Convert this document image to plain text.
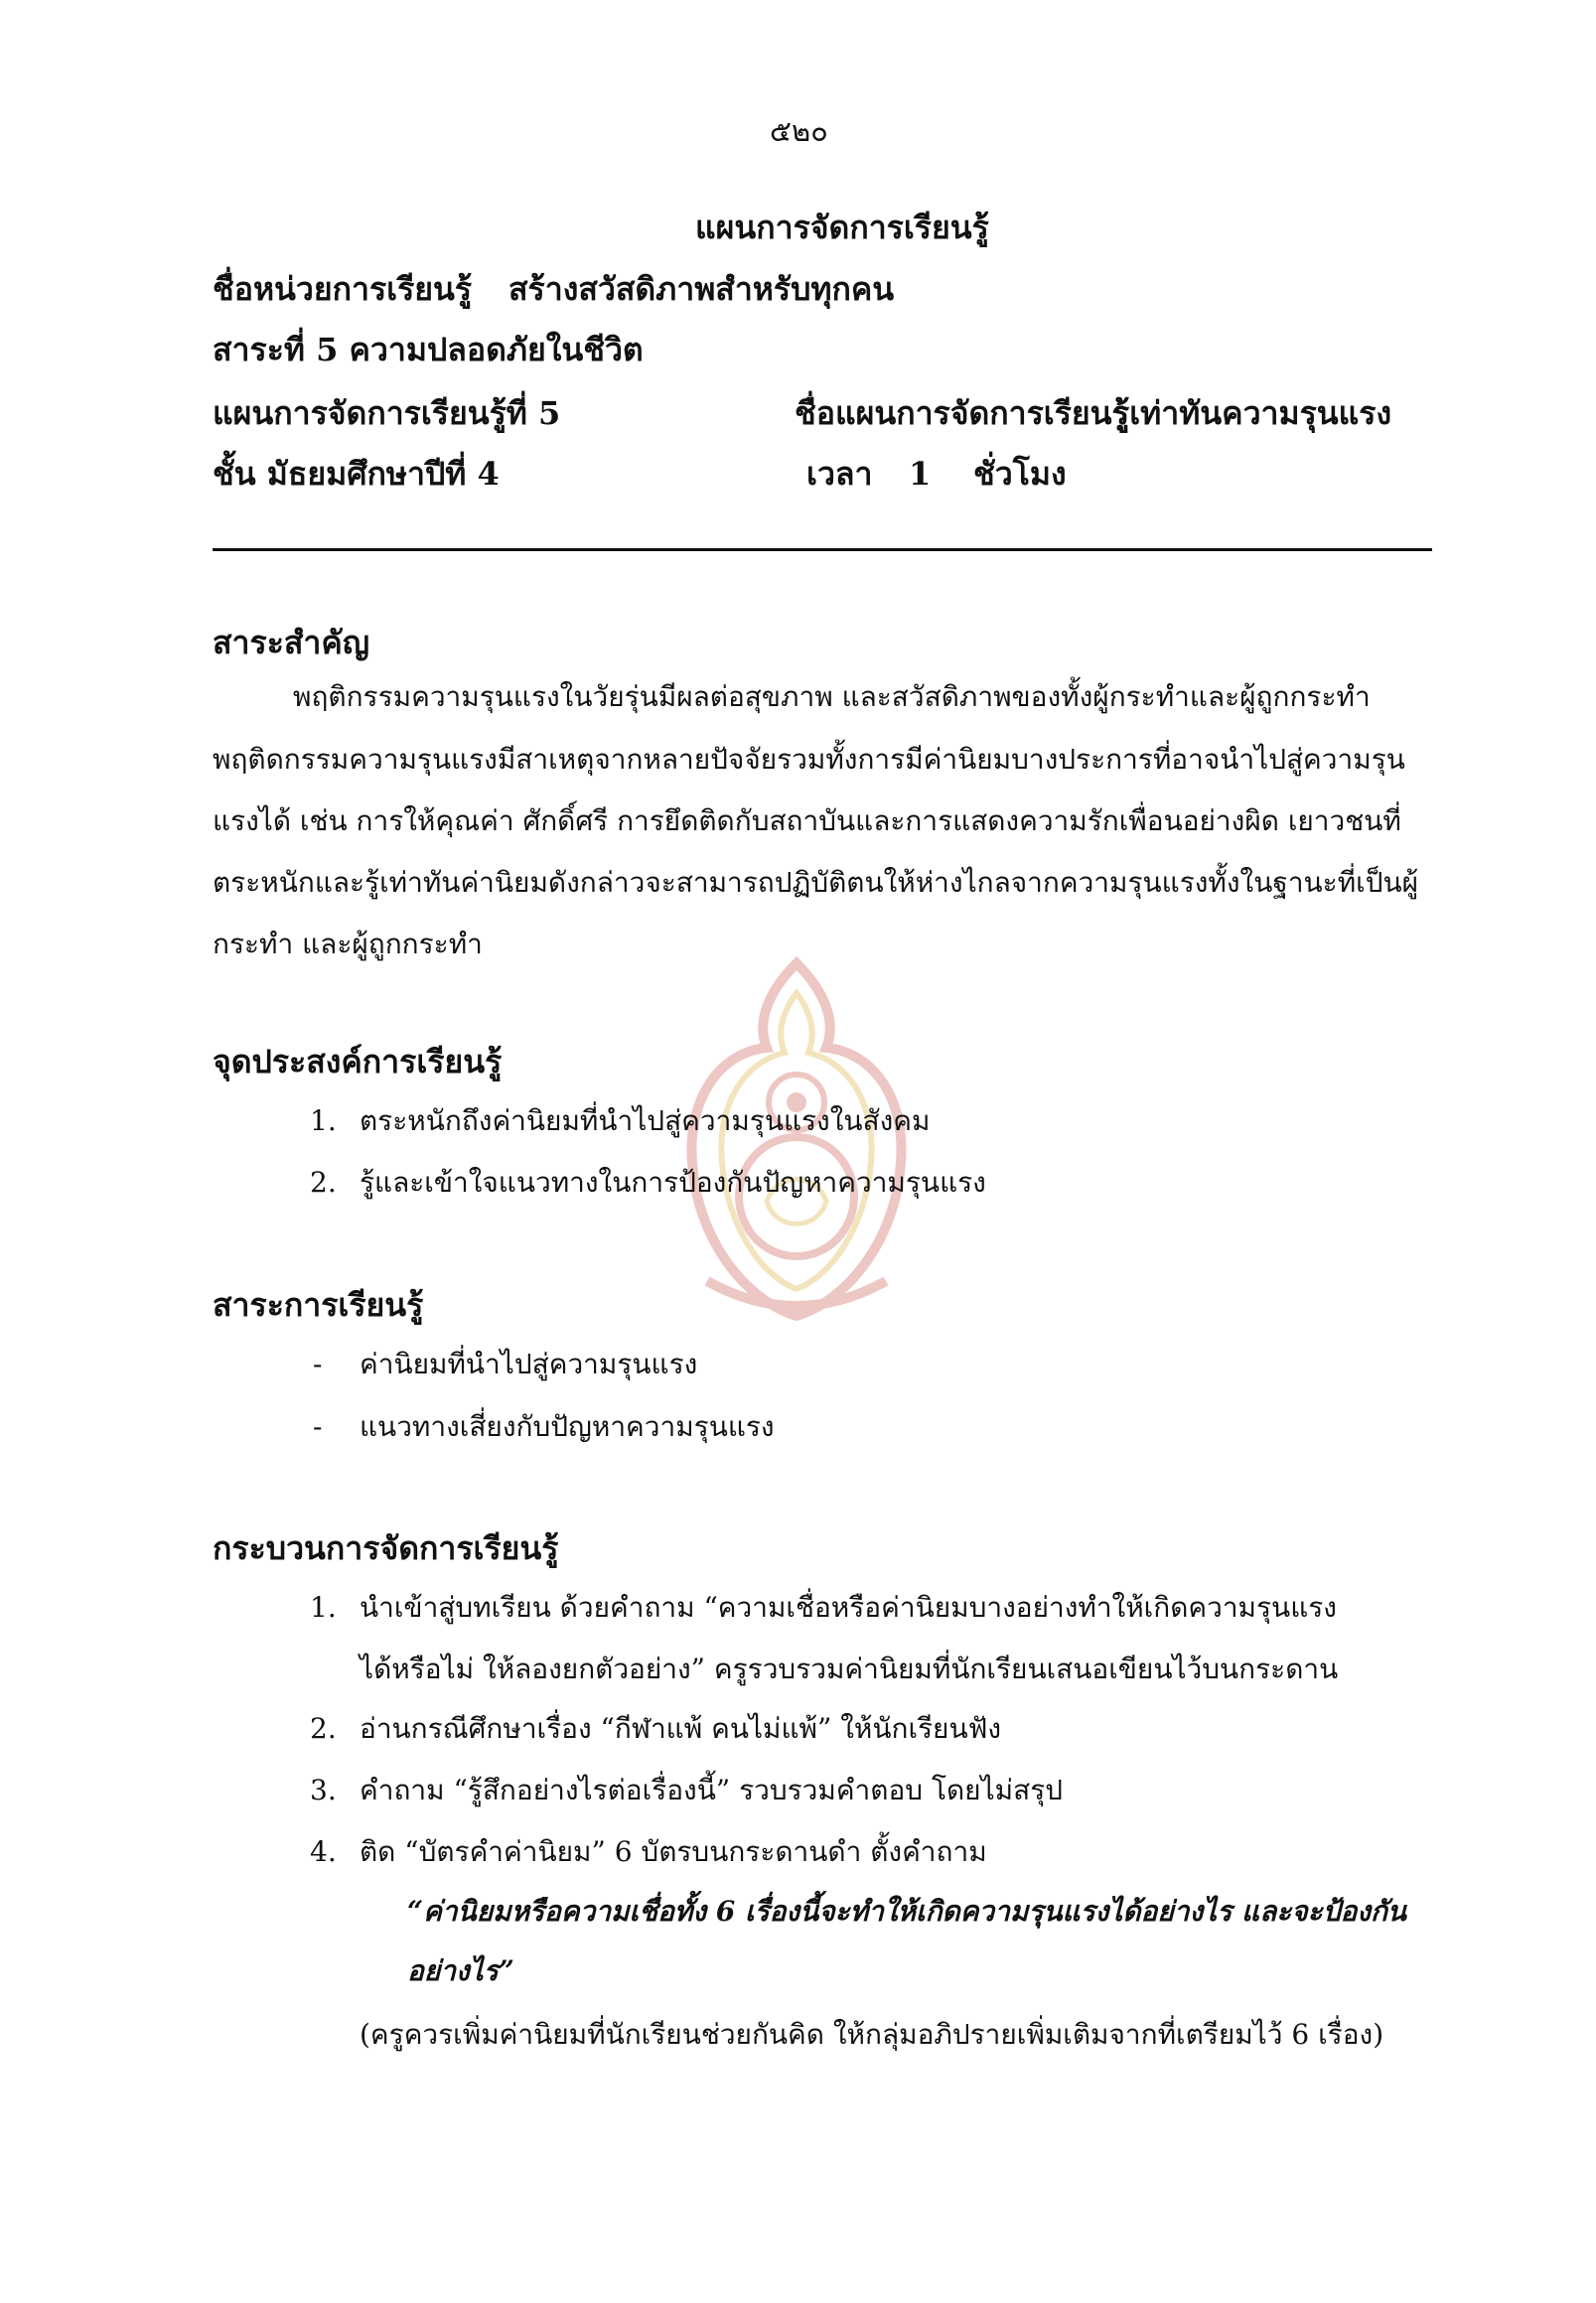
๕๒๐
แผนการจัดการเรียนรู้
ชื่อหน่วยการเรียนรู้ สร้างสวัสดิภาพสำหรับทุกคน
สาระที่ 5 ความปลอดภัยในชีวิต
แผนการจัดการเรียนรู้ที่ 5	ชื่อแผนการจัดการเรียนรู้
รู้เท่าทันความรุนแรง
ชั้น มัธยมศึกษาปีที่ 4	เวลา 1 ชั่วโมง
สาระสำคัญ
พฤติกรรมความรุนแรงในวัยรุ่นมีผลต่อสุขภาพ และสวัสดิภาพของทั้งผู้กระทำและผู้ถูกกระทำ
พฤติดกรรมความรุนแรงมีสาเหตุจากหลายปัจจัยรวมทั้งการมีค่านิยมบางประการที่อาจนำไปสู่ความรุน
แรงได้ เช่น การให้คุณค่า ศักดิ์ศรี การยึดติดกับสถาบันและการแสดงความรักเพื่อนอย่างผิด เยาวชนที่
ตระหนักและรู้เท่าทันค่านิยมดังกล่าวจะสามารถปฏิบัติตนให้ห่างไกลจากความรุนแรงทั้งในฐานะที่เป็นผู้
กระทำ และผู้ถูกกระทำ
จุดประสงค์การเรียนรู้
1. ตระหนักถึงค่านิยมที่นำไปสู่ความรุนแรงในสังคม
2. รู้และเข้าใจแนวทางในการป้องกันปัญหาความรุนแรง
สาระการเรียนรู้
- ค่านิยมที่นำไปสู่ความรุนแรง
- แนวทางเสี่ยงกับปัญหาความรุนแรง
กระบวนการจัดการเรียนรู้
1. นำเข้าสู่บทเรียน ด้วยคำถาม “ความเชื่อหรือค่านิยมบางอย่างทำให้เกิดความรุนแรง
ได้หรือไม่ ให้ลองยกตัวอย่าง” ครูรวบรวมค่านิยมที่นักเรียนเสนอเขียนไว้บนกระดาน
2. อ่านกรณีศึกษาเรื่อง “กีฬาแพ้ คนไม่แพ้” ให้นักเรียนฟัง
3. คำถาม “รู้สึกอย่างไรต่อเรื่องนี้” รวบรวมคำตอบ โดยไม่สรุป
4. ติด “บัตรคำค่านิยม” 6 บัตรบนกระดานดำ ตั้งคำถาม
“ค่านิยมหรือความเชื่อทั้ง 6 เรื่องนี้จะทำให้เกิดความรุนแรงได้อย่างไร และจะป้องกัน
อย่างไร”
(ครูควรเพิ่มค่านิยมที่นักเรียนช่วยกันคิด ให้กลุ่มอภิปรายเพิ่มเติมจากที่เตรียมไว้ 6 เรื่อง)
